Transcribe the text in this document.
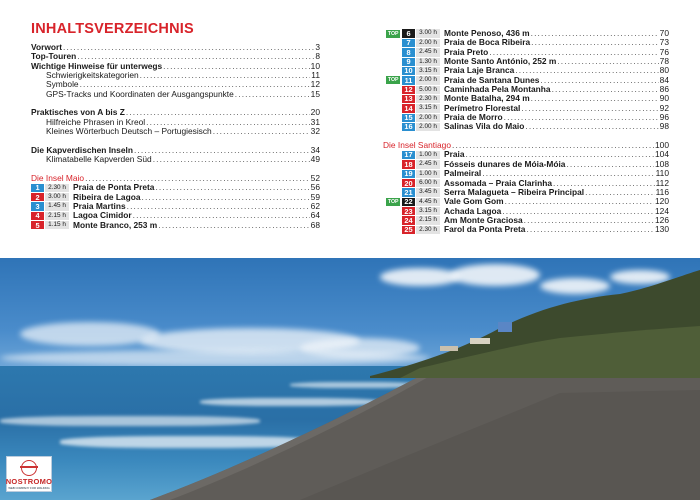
INHALTSVERZEICHNIS
Vorwort . . .	3
Top-Touren . . .	8
Wichtige Hinweise für unterwegs . . .	10
Schwierigkeitskategorien . . .	11
Symbole . . .	12
GPS-Tracks und Koordinaten der Ausgangspunkte . . .	15
Praktisches von A bis Z . . .	20
Hilfreiche Phrasen in Kreol . . .	31
Kleines Wörterbuch Deutsch – Portugiesisch . . .	32
Die Kapverdischen Inseln . . .	34
Klimatabelle Kapverden Süd . . .	49
Die Insel Maio . . .	52
1	2.30 h Praia de Ponta Preta . . .	56
2	3.00 h Ribeira de Lagoa . . .	59
3	1.45 h Praia Martins . . .	62
4	2.15 h Lagoa Cimidor . . .	64
5	1.15 h Monte Branco, 253 m . . .	68
TOP	6	3.00 h Monte Penoso, 436 m . . .	70
7	2.00 h Praia de Boca Ribeira . . .	73
8	2.45 h Praia Preto . . .	76
9	1.30 h Monte Santo António, 252 m . . .	78
10	3.15 h Praia Laje Branca . . .	80
TOP 11	2.00 h Praia de Santana Dunes . . .	84
12	5.00 h Caminhada Pela Montanha . . .	86
13	2.30 h Monte Batalha, 294 m . . .	90
14	3.15 h Perímetro Florestal . . .	92
15	2.00 h Praia de Morro . . .	96
16	2.00 h Salinas Vila do Maio . . .	98
Die Insel Santiago . . .	100
17	1.00 h Praia . . .	104
18	2.45 h Fósseis dunares de Móia-Móia . . .	108
19	1.00 h Palmeiral . . .	110
20	6.00 h Assomada – Praia Clarinha . . .	112
21	3.45 h Serra Malagueta – Ribeira Principal . . .	116
TOP 22	4.45 h Vale Gom Gom . . .	120
23	3.15 h Achada Lagoa . . .	124
24	2.15 h Am Monte Graciosa . . .	126
25	2.30 h Farol da Ponta Preta . . .	130
NOSTROMO
WEB COMPANY FOR WALKING
